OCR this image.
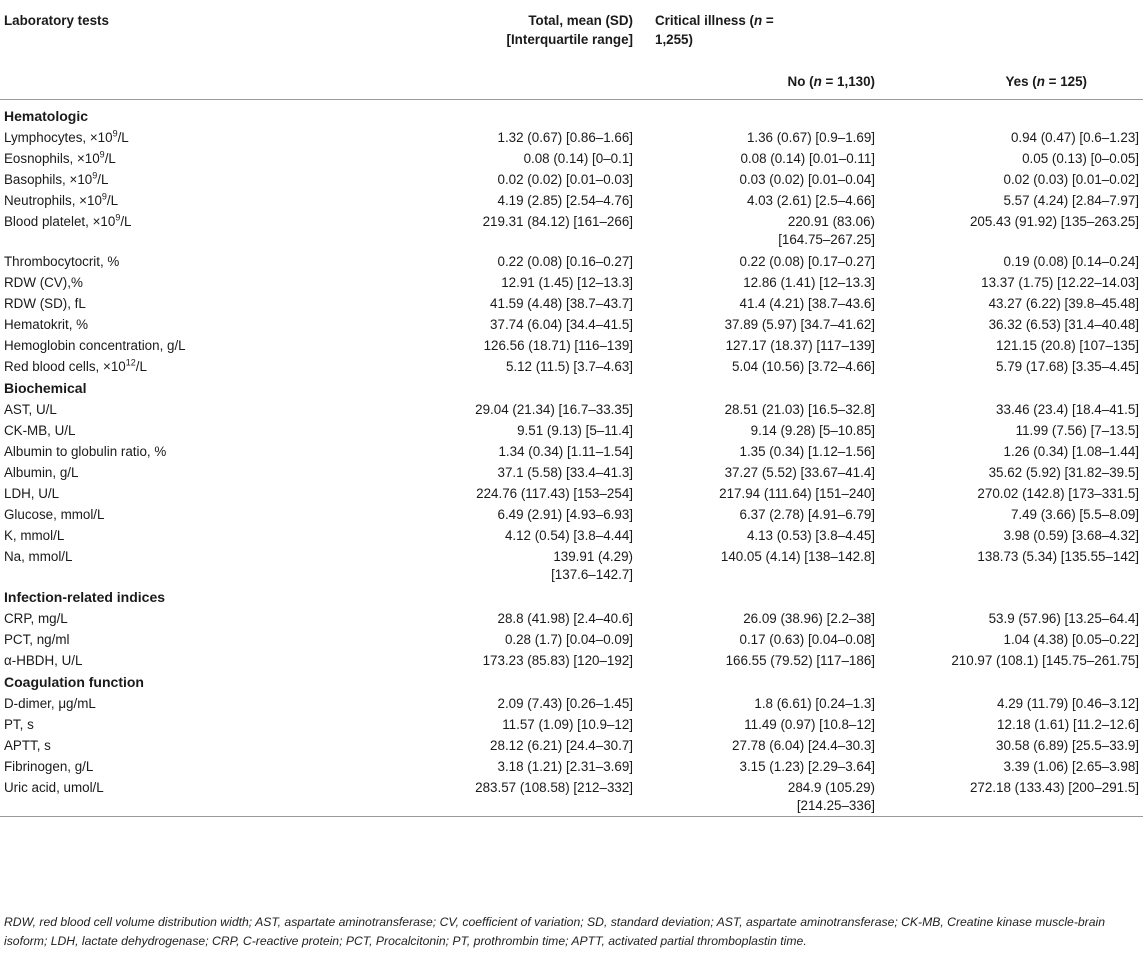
Laboratory tests	Total, mean (SD)
[Interquartile range]	Critical illness (n =
1,255)	
		No (n = 1,130)	Yes (n = 125)

Hematologic			
Lymphocytes, $\times 10^9/L$	1.32 (0.67) [0.86–1.66]	1.36 (0.67) [0.9–1.69]	0.94 (0.47) [0.6–1.23]
Eosnophils, $\times 10^9/L$	0.08 (0.14) [0–0.1]	0.08 (0.14) [0.01–0.11]	0.05 (0.13) [0–0.05]
Basophils, $\times 10^9/L$	0.02 (0.02) [0.01–0.03]	0.03 (0.02) [0.01–0.04]	0.02 (0.03) [0.01–0.02]
Neutrophils, $\times 10^9/L$	4.19 (2.85) [2.54–4.76]	4.03 (2.61) [2.5–4.66]	5.57 (4.24) [2.84–7.97]
Blood platelet, $\times 10^9/L$	219.31 (84.12) [161–266]	220.91 (83.06)
[164.75–267.25]	205.43 (91.92) [135–263.25]
Thrombocytocrit, %	0.22 (0.08) [0.16–0.27]	0.22 (0.08) [0.17–0.27]	0.19 (0.08) [0.14–0.24]
RDW (CV),%	12.91 (1.45) [12–13.3]	12.86 (1.41) [12–13.3]	13.37 (1.75) [12.22–14.03]
RDW (SD), fL	41.59 (4.48) [38.7–43.7]	41.4 (4.21) [38.7–43.6]	43.27 (6.22) [39.8–45.48]
Hematokrit, %	37.74 (6.04) [34.4–41.5]	37.89 (5.97) [34.7–41.62]	36.32 (6.53) [31.4–40.48]
Hemoglobin concentration, g/L	126.56 (18.71) [116–139]	127.17 (18.37) [117–139]	121.15 (20.8) [107–135]
Red blood cells, $\times 10^{12}/L$	5.12 (11.5) [3.7–4.63]	5.04 (10.56) [3.72–4.66]	5.79 (17.68) [3.35–4.45]
Biochemical			
AST, U/L	29.04 (21.34) [16.7–33.35]	28.51 (21.03) [16.5–32.8]	33.46 (23.4) [18.4–41.5]
CK-MB, U/L	9.51 (9.13) [5–11.4]	9.14 (9.28) [5–10.85]	11.99 (7.56) [7–13.5]
Albumin to globulin ratio, %	1.34 (0.34) [1.11–1.54]	1.35 (0.34) [1.12–1.56]	1.26 (0.34) [1.08–1.44]
Albumin, g/L	37.1 (5.58) [33.4–41.3]	37.27 (5.52) [33.67–41.4]	35.62 (5.92) [31.82–39.5]
LDH, U/L	224.76 (117.43) [153–254]	217.94 (111.64) [151–240]	270.02 (142.8) [173–331.5]
Glucose, mmol/L	6.49 (2.91) [4.93–6.93]	6.37 (2.78) [4.91–6.79]	7.49 (3.66) [5.5–8.09]
K, mmol/L	4.12 (0.54) [3.8–4.44]	4.13 (0.53) [3.8–4.45]	3.98 (0.59) [3.68–4.32]
Na, mmol/L	139.91 (4.29)
[137.6–142.7]	140.05 (4.14) [138–142.8]	138.73 (5.34) [135.55–142]
Infection-related indices			
CRP, mg/L	28.8 (41.98) [2.4–40.6]	26.09 (38.96) [2.2–38]	53.9 (57.96) [13.25–64.4]
PCT, ng/ml	0.28 (1.7) [0.04–0.09]	0.17 (0.63) [0.04–0.08]	1.04 (4.38) [0.05–0.22]
α-HBDH, U/L	173.23 (85.83) [120–192]	166.55 (79.52) [117–186]	210.97 (108.1) [145.75–261.75]
Coagulation function			
D-dimer, μg/mL	2.09 (7.43) [0.26–1.45]	1.8 (6.61) [0.24–1.3]	4.29 (11.79) [0.46–3.12]
PT, s	11.57 (1.09) [10.9–12]	11.49 (0.97) [10.8–12]	12.18 (1.61) [11.2–12.6]
APTT, s	28.12 (6.21) [24.4–30.7]	27.78 (6.04) [24.4–30.3]	30.58 (6.89) [25.5–33.9]
Fibrinogen, g/L	3.18 (1.21) [2.31–3.69]	3.15 (1.23) [2.29–3.64]	3.39 (1.06) [2.65–3.98]
Uric acid, umol/L	283.57 (108.58) [212–332]	284.9 (105.29)
[214.25–336]	272.18 (133.43) [200–291.5]

RDW, red blood cell volume distribution width; AST, aspartate aminotransferase; CV, coefficient of variation; SD, standard deviation; AST, aspartate aminotransferase; CK-MB, Creatine kinase muscle-brain isoform; LDH, lactate dehydrogenase; CRP, C-reactive protein; PCT, Procalcitonin; PT, prothrombin time; APTT, activated partial thromboplastin time.
